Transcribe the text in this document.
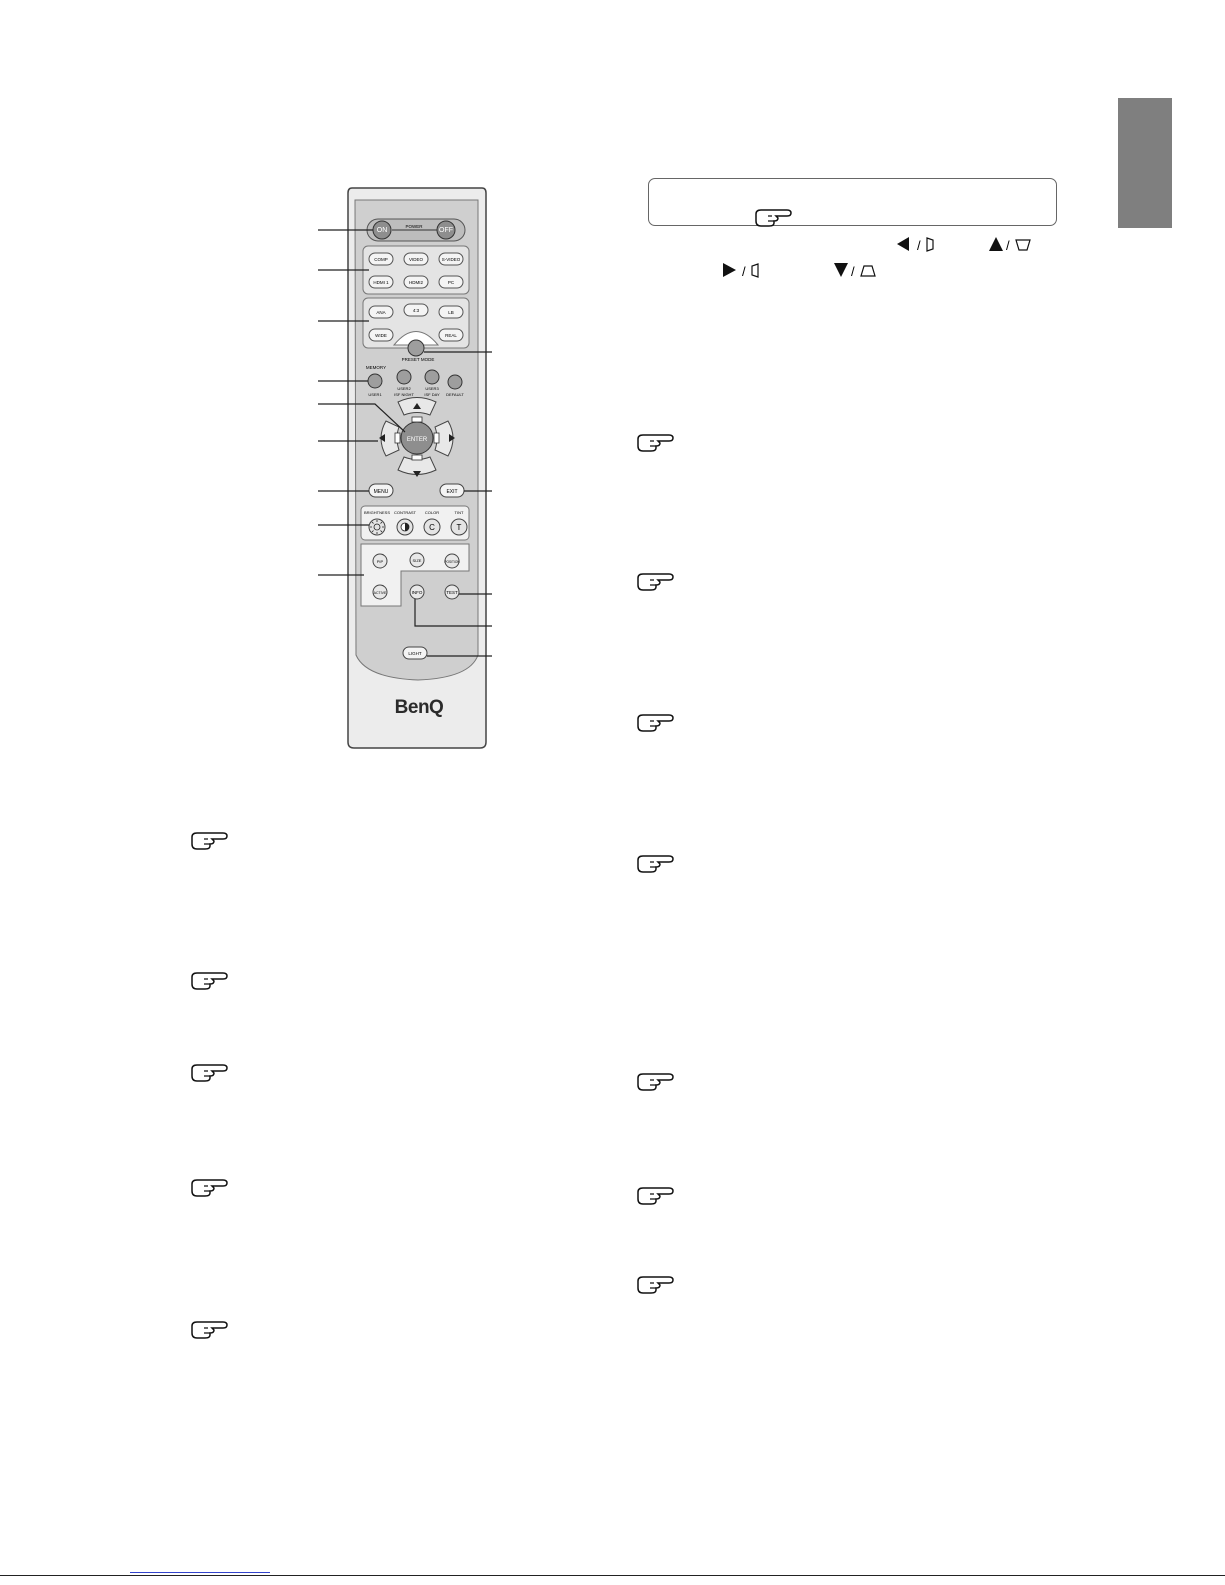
POWER
ON	OFF
COMP	VIDEO	S-VIDEO
HDMI 1	HDMI2	PC
ANA	4:3	LB
WIDE	REAL
PRESET MODE
MEMORY
USER1
USER2	USER3
DEFAULT
ISF NIGHT	ISF DAY
ENTER
MENU	EXIT
BRIGHTNESS CONTRAST COLOR	TINT
C	T
PIP	SIZE	POSITION
ACTIVE	INFO	TEST
LIGHT
BenQ
/	/
/	/
